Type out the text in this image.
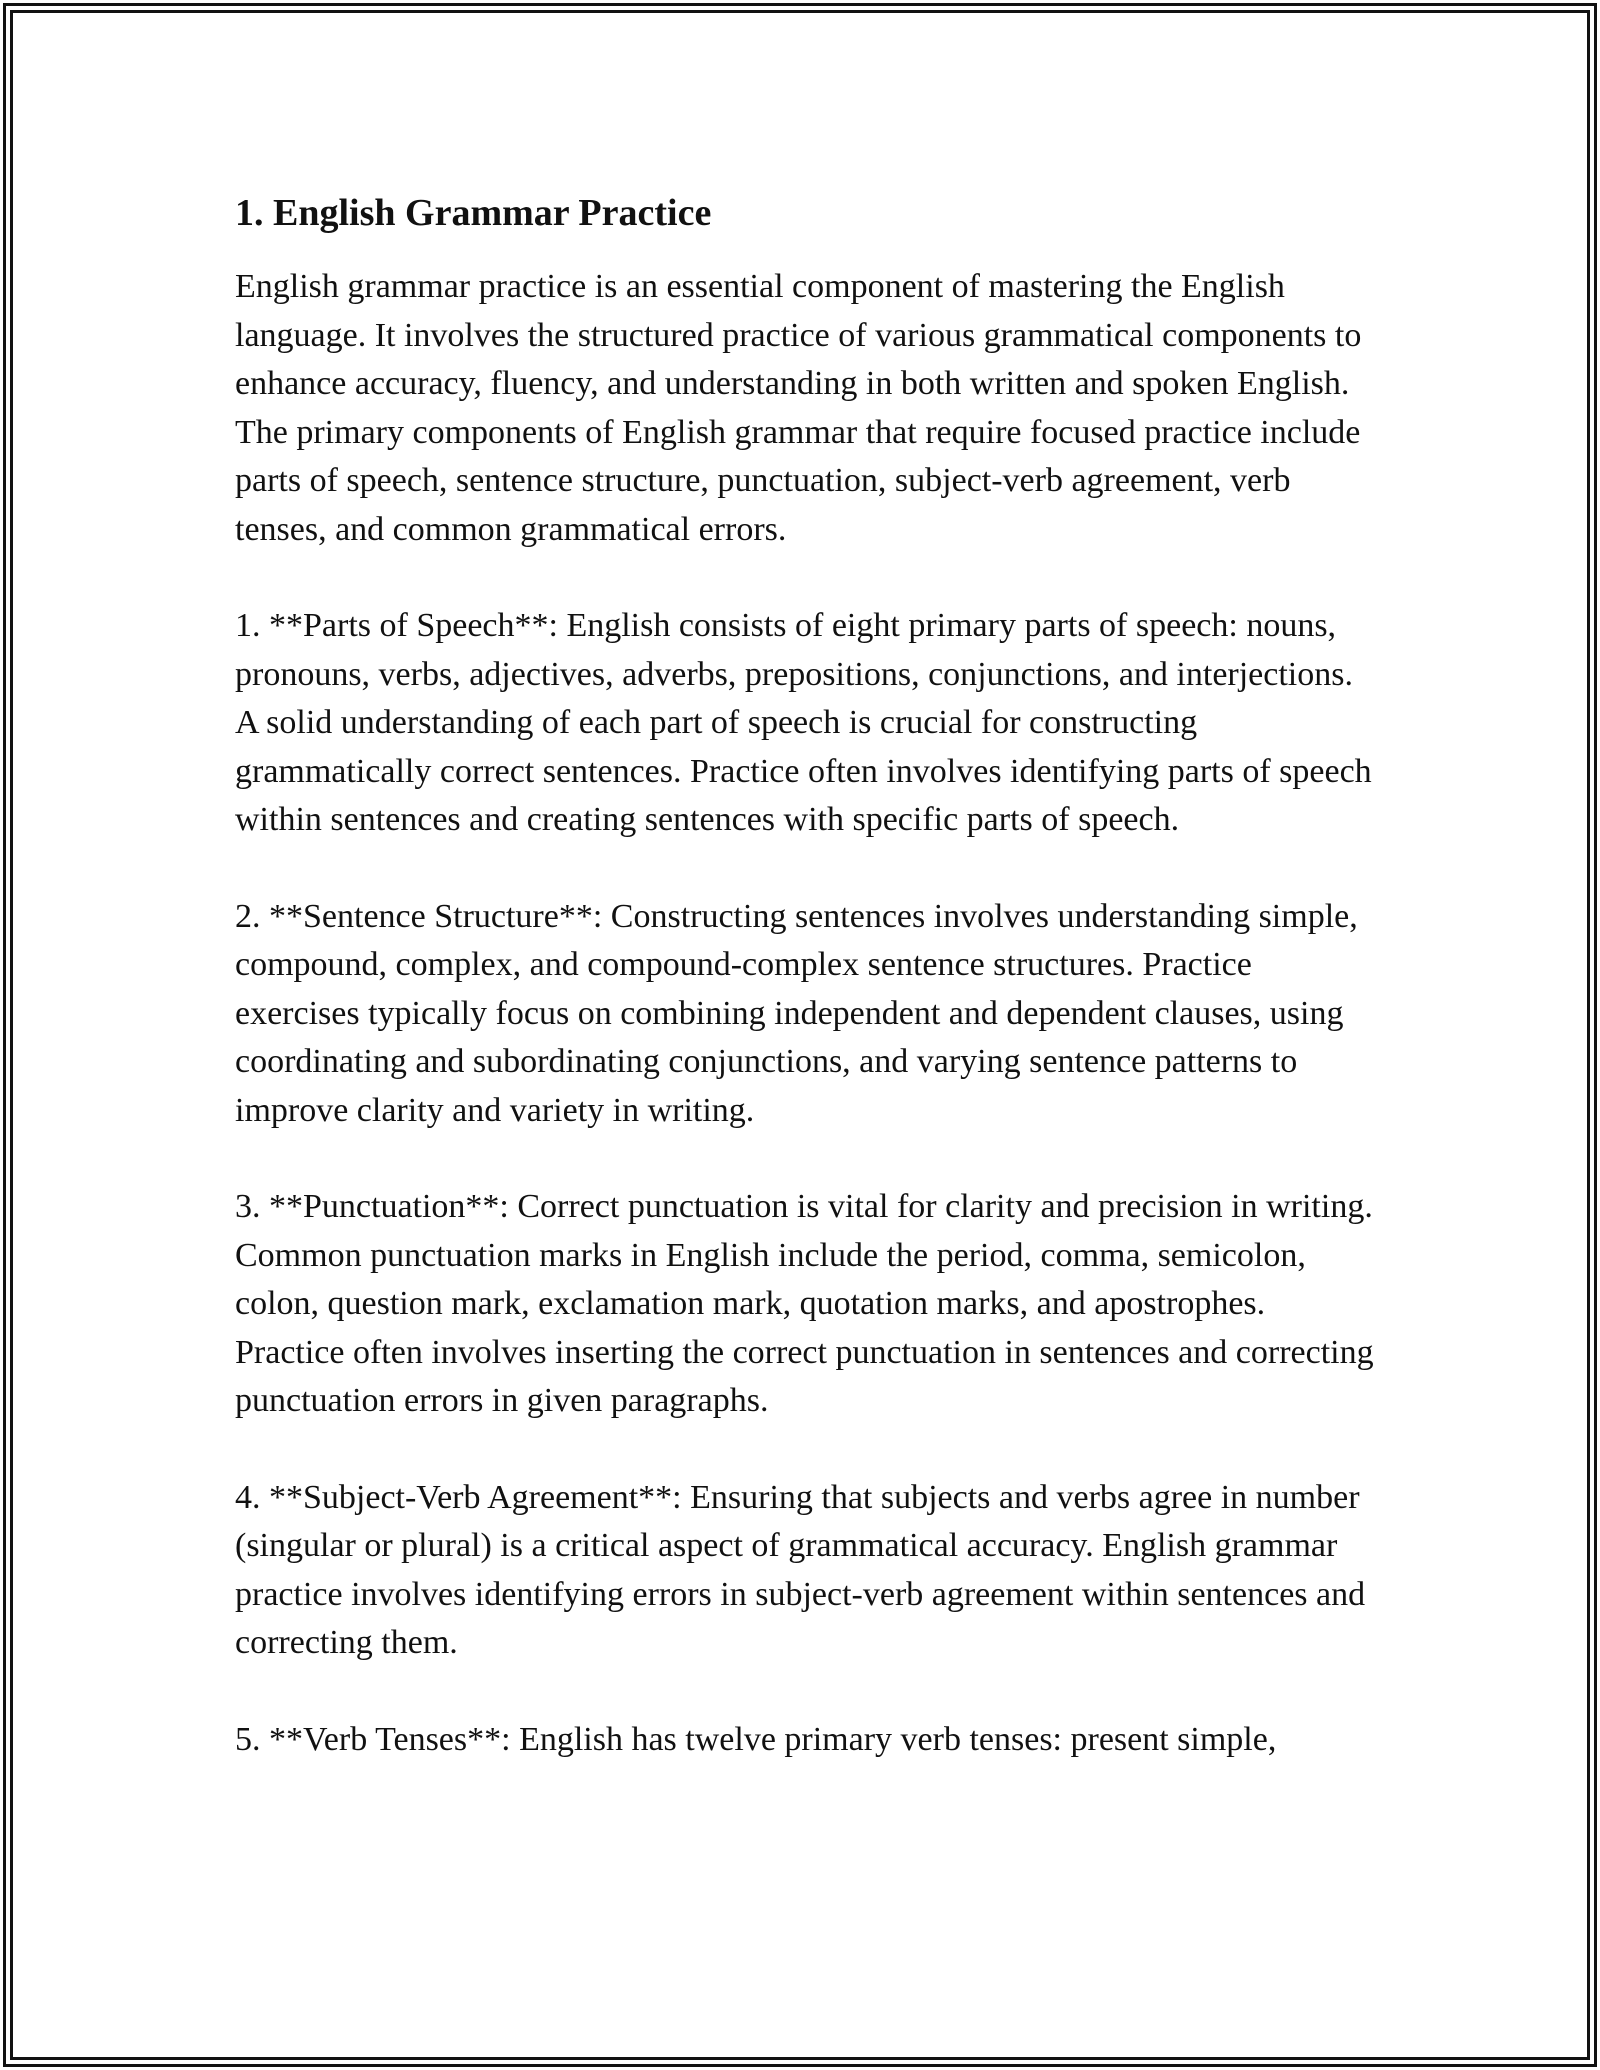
1. English Grammar Practice

English grammar practice is an essential component of mastering the English language. It involves the structured practice of various grammatical components to enhance accuracy, fluency, and understanding in both written and spoken English. The primary components of English grammar that require focused practice include parts of speech, sentence structure, punctuation, subject-verb agreement, verb tenses, and common grammatical errors.

1. **Parts of Speech**: English consists of eight primary parts of speech: nouns, pronouns, verbs, adjectives, adverbs, prepositions, conjunctions, and interjections. A solid understanding of each part of speech is crucial for constructing grammatically correct sentences. Practice often involves identifying parts of speech within sentences and creating sentences with specific parts of speech.

2. **Sentence Structure**: Constructing sentences involves understanding simple, compound, complex, and compound-complex sentence structures. Practice exercises typically focus on combining independent and dependent clauses, using coordinating and subordinating conjunctions, and varying sentence patterns to improve clarity and variety in writing.

3. **Punctuation**: Correct punctuation is vital for clarity and precision in writing. Common punctuation marks in English include the period, comma, semicolon, colon, question mark, exclamation mark, quotation marks, and apostrophes. Practice often involves inserting the correct punctuation in sentences and correcting punctuation errors in given paragraphs.

4. **Subject-Verb Agreement**: Ensuring that subjects and verbs agree in number (singular or plural) is a critical aspect of grammatical accuracy. English grammar practice involves identifying errors in subject-verb agreement within sentences and correcting them.

5. **Verb Tenses**: English has twelve primary verb tenses: present simple,
